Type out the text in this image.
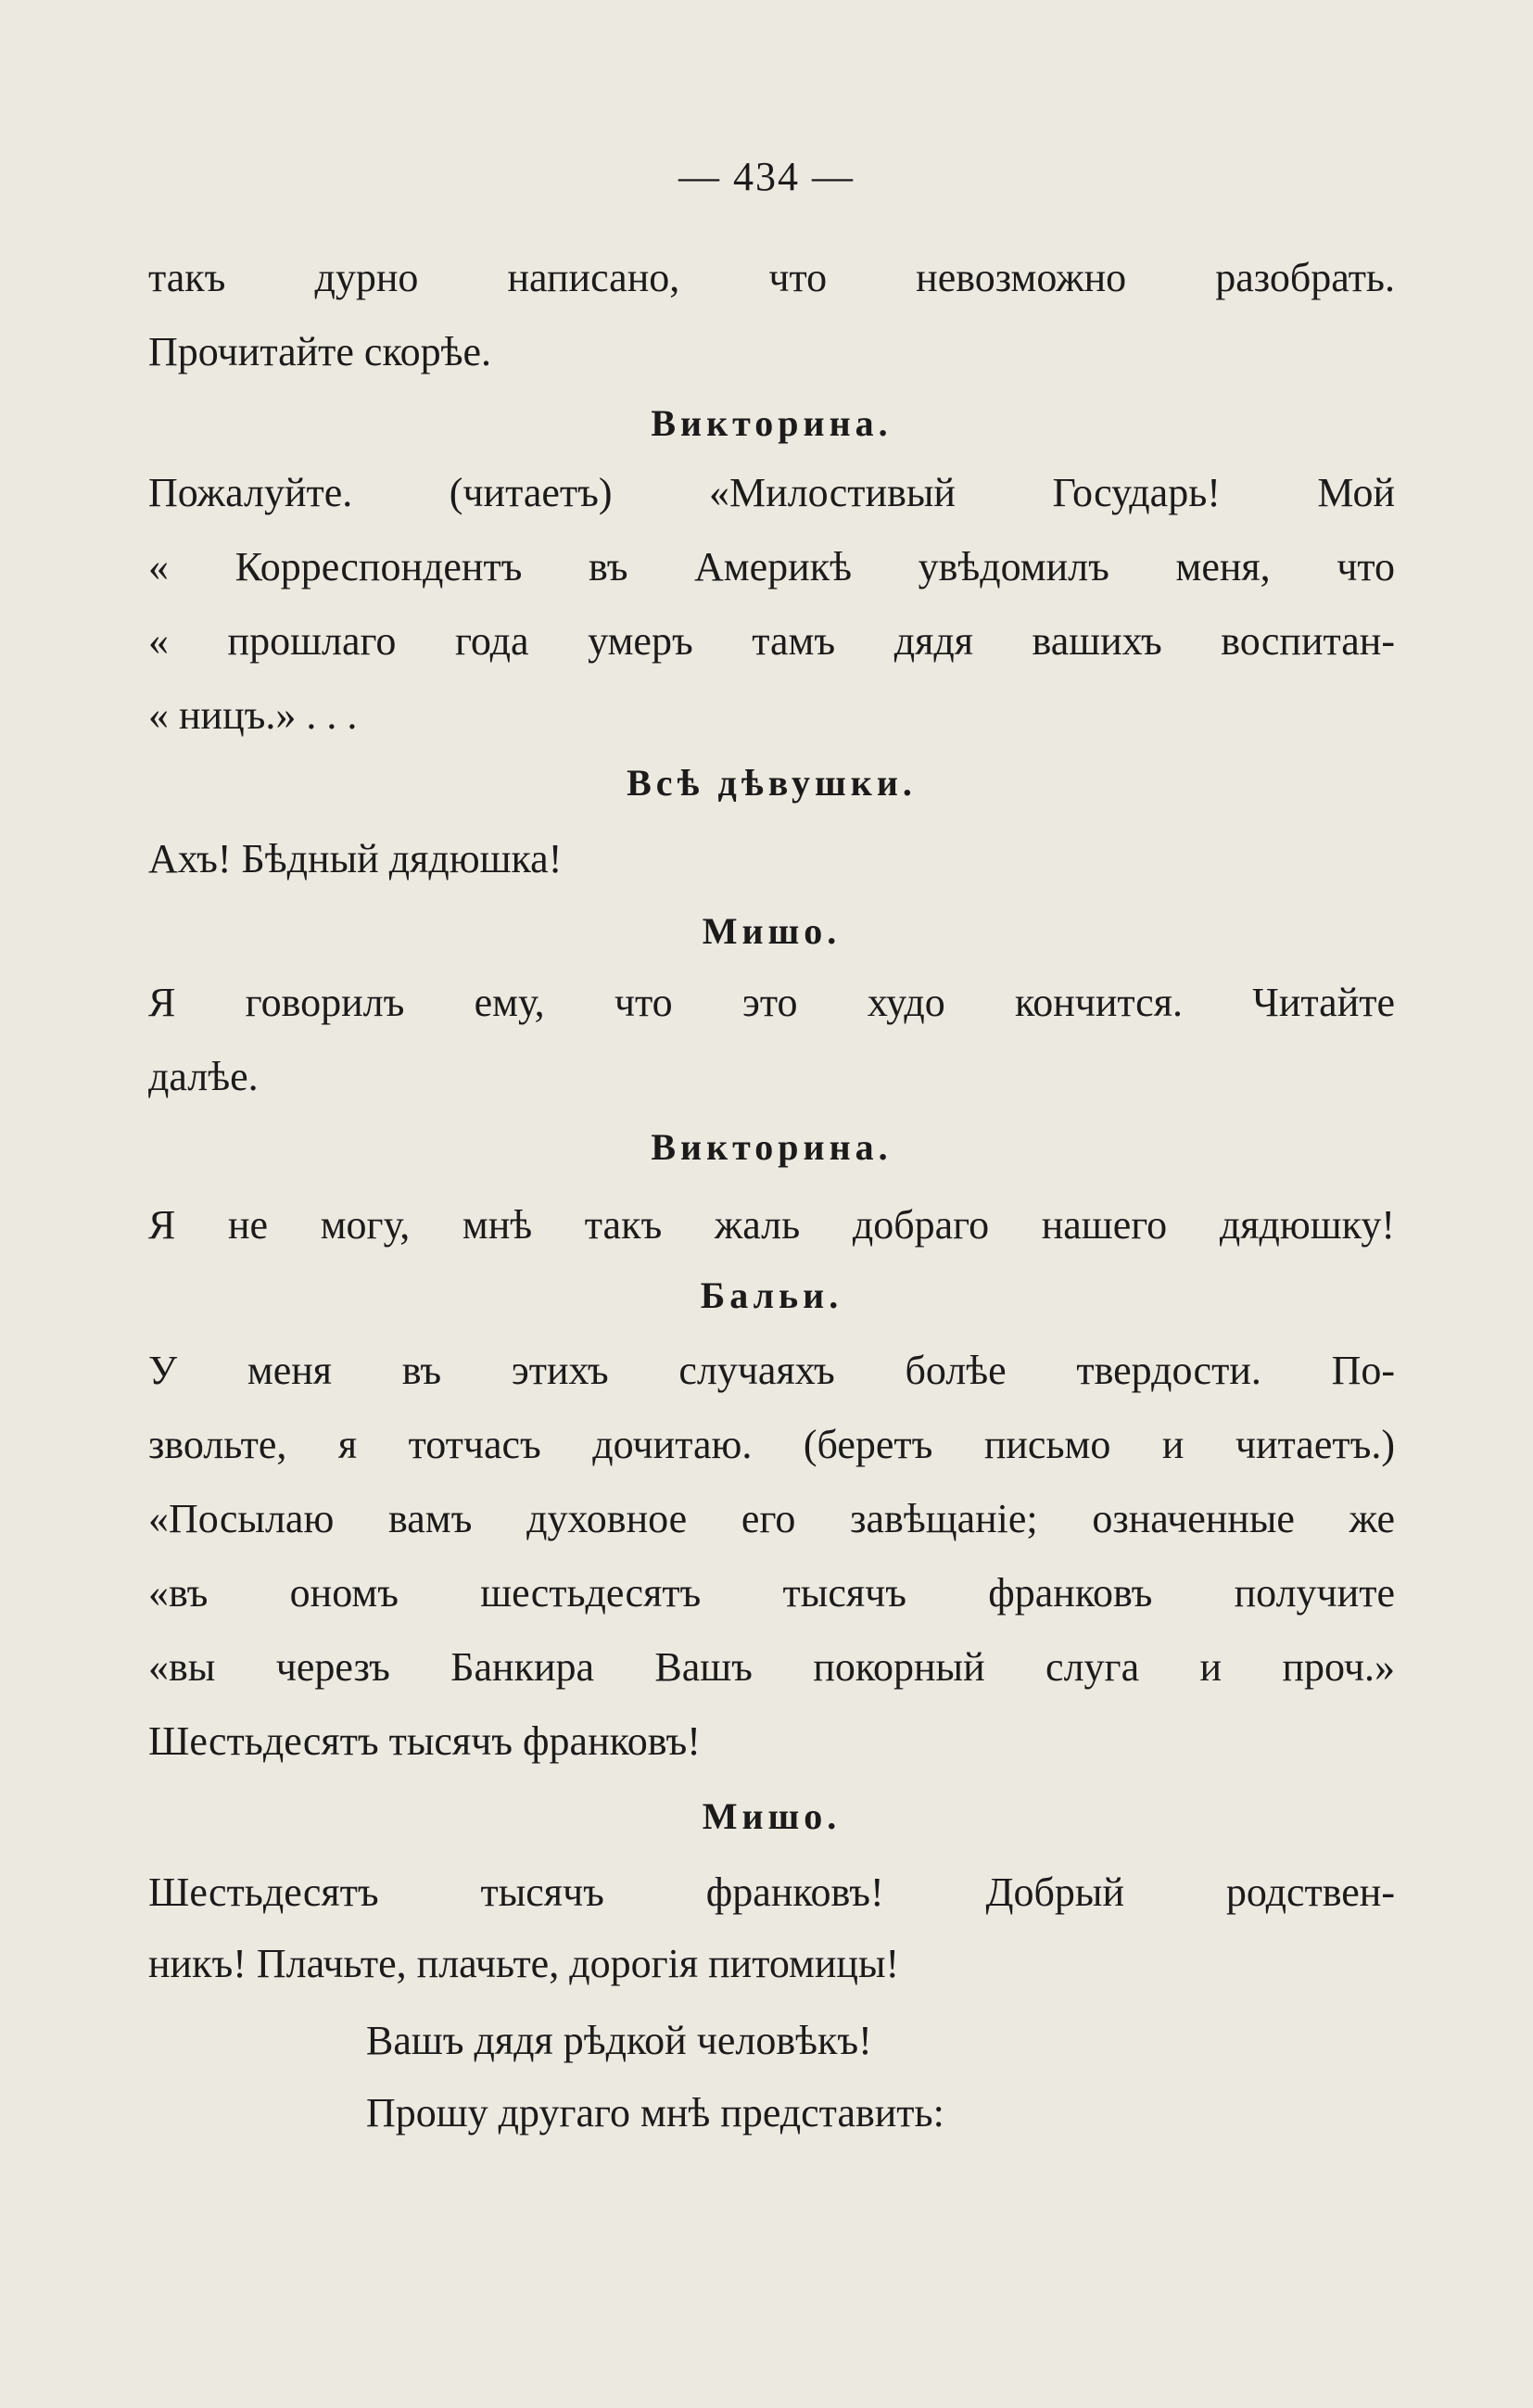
— 434 —
такъ дурно написано, что невозможно разобрать.
Прочитайте скорѣе.
Викторина.
Пожалуйте. (читаетъ) «Милостивый Государь! Мой
« Корреспондентъ въ Америкѣ увѣдомилъ меня, что
« прошлаго года умеръ тамъ дядя вашихъ воспитан-
« ницъ.» . . .
Всѣ дѣвушки.
Ахъ! Бѣдный дядюшка!
Мишо.
Я говорилъ ему, что это худо кончится. Читайте
далѣе.
Викторина.
Я не могу, мнѣ такъ жаль добраго нашего дядюшку!
Бальи.
У меня въ этихъ случаяхъ болѣе твердости. По-
звольте, я тотчасъ дочитаю. (беретъ письмо и читаетъ.)
«Посылаю вамъ духовное его завѣщаніе; означенные же
«въ ономъ шестьдесятъ тысячъ франковъ получите
«вы черезъ Банкира Вашъ покорный слуга и проч.»
Шестьдесятъ тысячъ франковъ!
Мишо.
Шестьдесятъ тысячъ франковъ! Добрый родствен-
никъ! Плачьте, плачьте, дорогія питомицы!
Вашъ дядя рѣдкой человѣкъ!
Прошу другаго мнѣ представить:
